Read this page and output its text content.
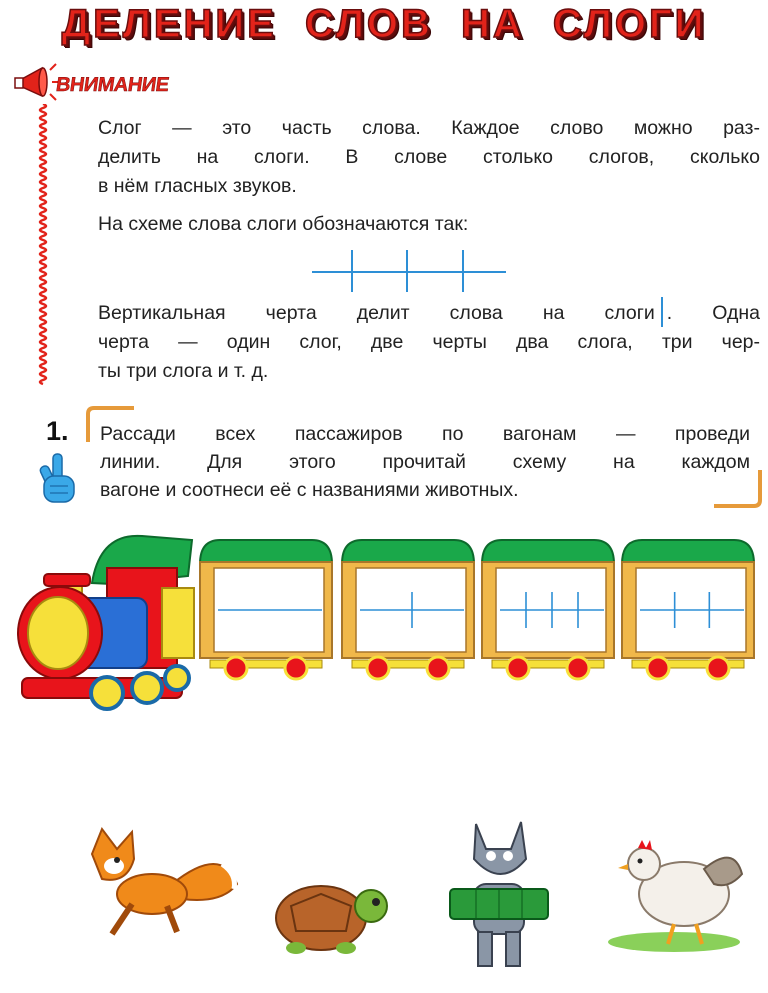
ДЕЛЕНИЕ СЛОВ НА СЛОГИ
ВНИМАНИЕ
Слог — это часть слова. Каждое слово можно раз-
делить на слоги. В слове столько слогов, сколько
в нём гласных звуков.
На схеме слова слоги обозначаются так:
Вертикальная черта делит слова на слоги . Одна
черта — один слог, две черты два слога, три чер-
ты три слога и т. д.
1. Рассади всех пассажиров по вагонам — проведи
линии. Для этого прочитай схему на каждом
вагоне и соотнеси её с названиями животных.
